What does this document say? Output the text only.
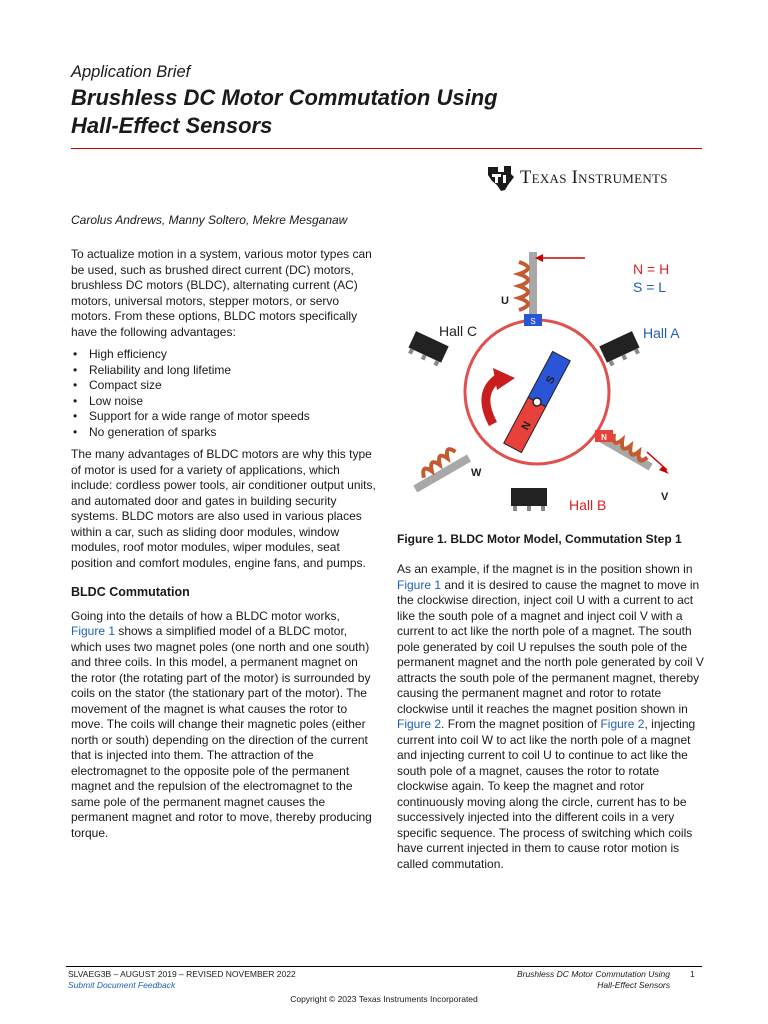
Application Brief
Brushless DC Motor Commutation Using
Hall-Effect Sensors
Texas Instruments
Carolus Andrews, Manny Soltero, Mekre Mesganaw

To actualize motion in a system, various motor types can be used, such as brushed direct current (DC) motors, brushless DC motors (BLDC), alternating current (AC) motors, universal motors, stepper motors, or servo motors. From these options, BLDC motors specifically have the following advantages:

• High efficiency
• Reliability and long lifetime
• Compact size
• Low noise
• Support for a wide range of motor speeds
• No generation of sparks

The many advantages of BLDC motors are why this type of motor is used for a variety of applications, which include: cordless power tools, air conditioner output units, and automated door and gates in building security systems. BLDC motors are also used in various places within a car, such as sliding door modules, window modules, roof motor modules, wiper modules, seat position and comfort modules, engine fans, and pumps.

BLDC Commutation

Going into the details of how a BLDC motor works, Figure 1 shows a simplified model of a BLDC motor, which uses two magnet poles (one north and one south) and three coils. In this model, a permanent magnet on the rotor (the rotating part of the motor) is surrounded by coils on the stator (the stationary part of the motor). The movement of the magnet is what causes the rotor to move. The coils will change their magnetic poles (either north or south) depending on the direction of the current that is injected into them. The attraction of the electromagnet to the opposite pole of the permanent magnet and the repulsion of the electromagnet to the same pole of the permanent magnet causes the permanent magnet and rotor to move, thereby producing torque.

S
N
N
S
N = H
S = L
U
Hall C	Hall A
W
Hall B	V
Figure 1. BLDC Motor Model, Commutation Step 1

As an example, if the magnet is in the position shown in Figure 1 and it is desired to cause the magnet to move in the clockwise direction, inject coil U with a current to act like the south pole of a magnet and inject coil V with a current to act like the north pole of a magnet. The south pole generated by coil U repulses the south pole of the permanent magnet and the north pole generated by coil V attracts the south pole of the permanent magnet, thereby causing the permanent magnet and rotor to rotate clockwise until it reaches the magnet position shown in Figure 2. From the magnet position of Figure 2, injecting current into coil W to act like the north pole of a magnet and injecting current to coil U to continue to act like the south pole of a magnet, causes the rotor to rotate clockwise again. To keep the magnet and rotor continuously moving along the circle, current has to be successively injected into the different coils in a very specific sequence. The process of switching which coils have current injected in them to cause rotor motion is called commutation.

SLVAEG3B – AUGUST 2019 – REVISED NOVEMBER 2022
Submit Document Feedback
Brushless DC Motor Commutation Using
Hall-Effect Sensors
1
Copyright © 2023 Texas Instruments Incorporated
